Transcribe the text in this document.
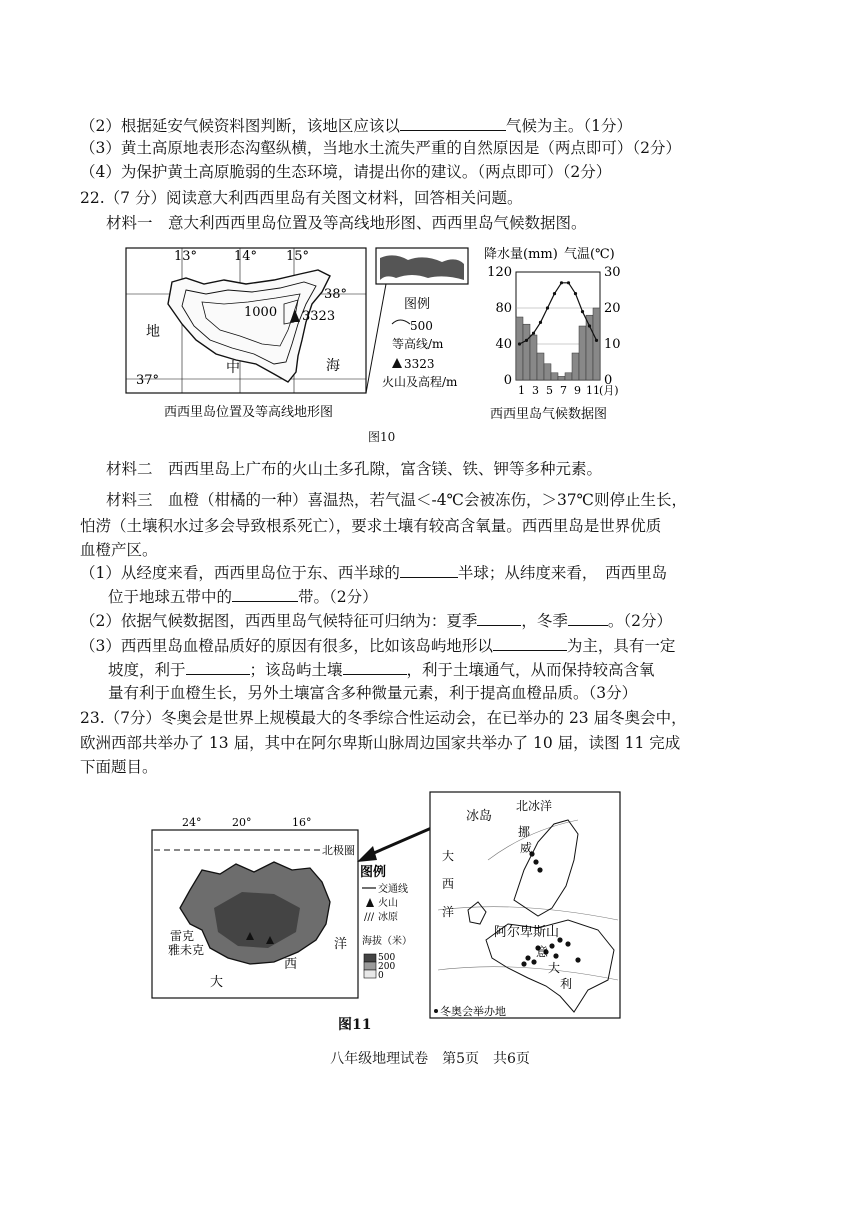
（2）根据延安气候资料图判断，该地区应该以	气候为主。（1分）
（3）黄土高原地表形态沟壑纵横，当地水土流失严重的自然原因是（两点即可）（2分）
（4）为保护黄土高原脆弱的生态环境，请提出你的建议。（两点即可）（2分）
22.（7 分）阅读意大利西西里岛有关图文材料，回答相关问题。
材料一　意大利西西里岛位置及等高线地形图、西西里岛气候数据图。
13°	14° 15°
38°
37°
1000 3323
地
中	海
图例
500
等高线/m
3323
火山及高程/m
西西里岛位置及等高线地形图
降水量(mm) 气温(℃)
120
80
40
0
30
20
10
0
1 3 5 7 9 11 (月)
西西里岛气候数据图
图10
材料二　西西里岛上广布的火山土多孔隙，富含镁、铁、钾等多种元素。
材料三　血橙（柑橘的一种）喜温热，若气温＜-4℃会被冻伤，＞37℃则停止生长，
怕涝（土壤积水过多会导致根系死亡），要求土壤有较高含氧量。西西里岛是世界优质
血橙产区。
（1）从经度来看，西西里岛位于东、西半球的	半球；从纬度来看，　西西里岛
位于地球五带中的	带。（2分）
（2）依据气候数据图，西西里岛气候特征可归纳为：夏季	，冬季	。（2分）
（3）西西里岛血橙品质好的原因有很多，比如该岛屿地形以	为主，具有一定
坡度，利于	；该岛屿土壤	，利于土壤通气，从而保持较高含氧
量有利于血橙生长，另外土壤富含多种微量元素，利于提高血橙品质。（3分）
23.（7分）冬奥会是世界上规模最大的冬季综合性运动会，在已举办的 23 届冬奥会中，
欧洲西部共举办了 13 届，其中在阿尔卑斯山脉周边国家共举办了 10 届，读图 11 完成
下面题目。
24°	20°	16°
北极圈
雷克
雅未克
大
西
洋
图例
交通线
火山
/// 冰原
海拔（米）
500
200
0
冰岛
北冰洋
挪
威
大
西
洋
阿尔卑斯山
意
大
利
冬奥会举办地
图11
八年级地理试卷　第5页　共6页
